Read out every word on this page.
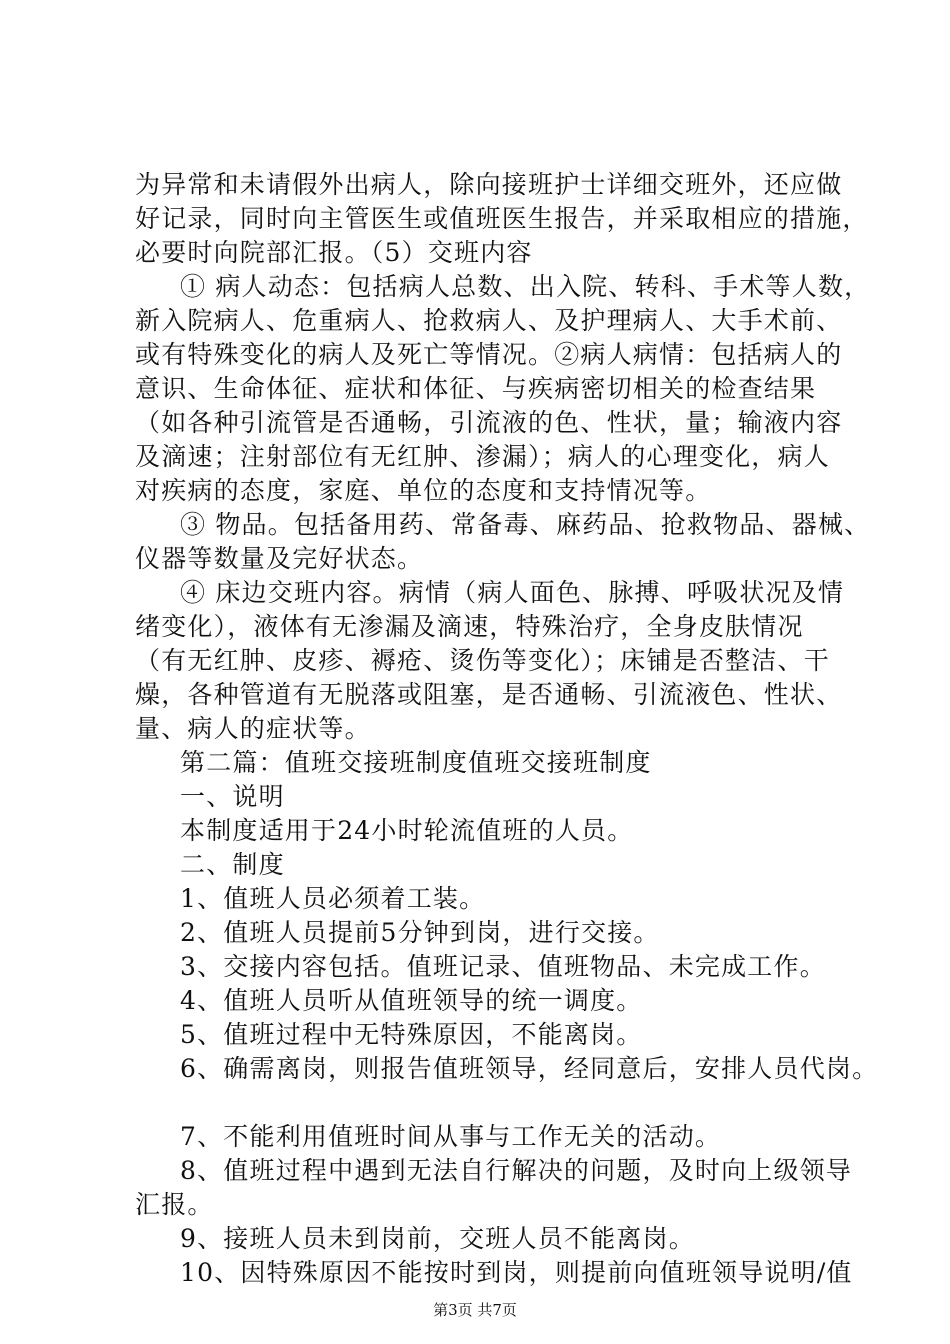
为异常和未请假外出病人，除向接班护士详细交班外，还应做
好记录，同时向主管医生或值班医生报告，并采取相应的措施，
必要时向院部汇报。（5）交班内容
① 病人动态：包括病人总数、出入院、转科、手术等人数，
新入院病人、危重病人、抢救病人、及护理病人、大手术前、
或有特殊变化的病人及死亡等情况。②病人病情：包括病人的
意识、生命体征、症状和体征、与疾病密切相关的检查结果
（如各种引流管是否通畅，引流液的色、性状，量；输液内容
及滴速；注射部位有无红肿、渗漏）；病人的心理变化，病人
对疾病的态度，家庭、单位的态度和支持情况等。
③ 物品。包括备用药、常备毒、麻药品、抢救物品、器械、
仪器等数量及完好状态。
④ 床边交班内容。病情（病人面色、脉搏、呼吸状况及情
绪变化），液体有无渗漏及滴速，特殊治疗，全身皮肤情况
（有无红肿、皮疹、褥疮、烫伤等变化）；床铺是否整洁、干
燥，各种管道有无脱落或阻塞，是否通畅、引流液色、性状、
量、病人的症状等。
第二篇：值班交接班制度值班交接班制度
一、说明
本制度适用于24小时轮流值班的人员。
二、制度
1、值班人员必须着工装。
2、值班人员提前5分钟到岗，进行交接。
3、交接内容包括。值班记录、值班物品、未完成工作。
4、值班人员听从值班领导的统一调度。
5、值班过程中无特殊原因，不能离岗。
6、确需离岗，则报告值班领导，经同意后，安排人员代岗。
7、不能利用值班时间从事与工作无关的活动。
8、值班过程中遇到无法自行解决的问题，及时向上级领导
汇报。
9、接班人员未到岗前，交班人员不能离岗。
10、因特殊原因不能按时到岗，则提前向值班领导说明/值
第3页 共7页
